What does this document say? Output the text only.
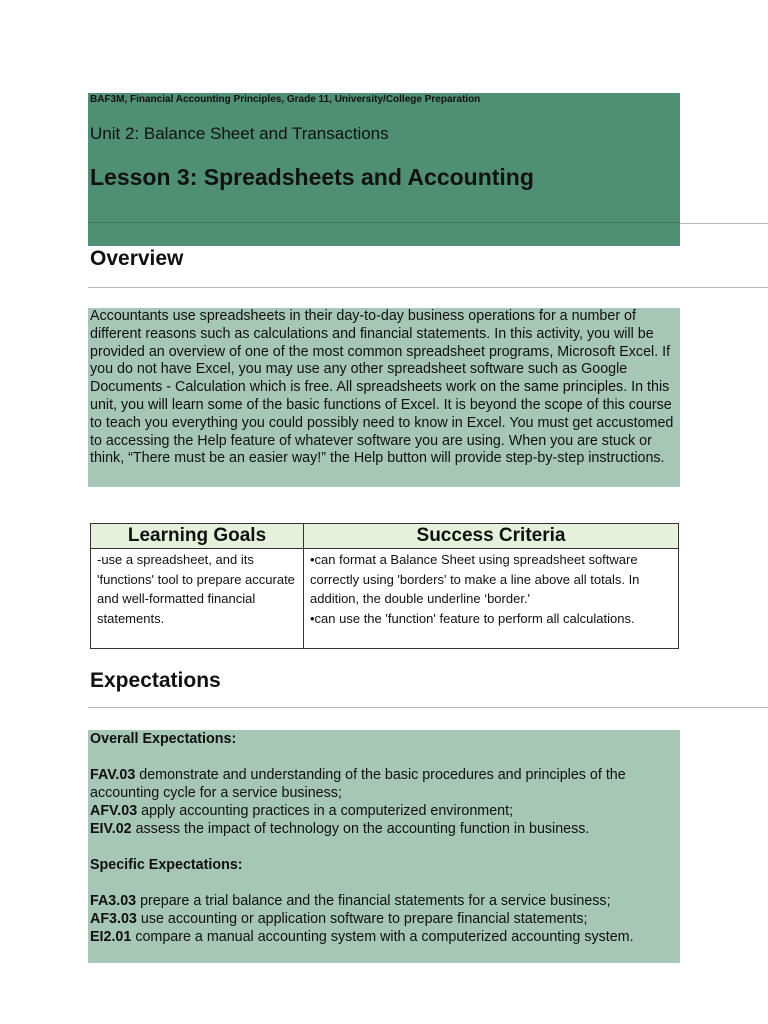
BAF3M, Financial Accounting Principles, Grade 11, University/College Preparation
Unit 2: Balance Sheet and Transactions
Lesson 3: Spreadsheets and Accounting
Overview

Accountants use spreadsheets in their day-to-day business operations for a number of different reasons such as calculations and financial statements. In this activity, you will be provided an overview of one of the most common spreadsheet programs, Microsoft Excel. If you do not have Excel, you may use any other spreadsheet software such as Google Documents - Calculation which is free. All spreadsheets work on the same principles. In this unit, you will learn some of the basic functions of Excel. It is beyond the scope of this course to teach you everything you could possibly need to know in Excel. You must get accustomed to accessing the Help feature of whatever software you are using. When you are stuck or think, “There must be an easier way!” the Help button will provide step-by-step instructions.

Learning Goals	Success Criteria
-use a spreadsheet, and its 'functions' tool to prepare accurate and well-formatted financial statements.	•can format a Balance Sheet using spreadsheet software correctly using 'borders' to make a line above all totals. In addition, the double underline ‘border.'
•can use the 'function' feature to perform all calculations.
Expectations

Overall Expectations:

FAV.03 demonstrate and understanding of the basic procedures and principles of the accounting cycle for a service business;

AFV.03 apply accounting practices in a computerized environment;

EIV.02 assess the impact of technology on the accounting function in business.

Specific Expectations:

FA3.03 prepare a trial balance and the financial statements for a service business;

AF3.03 use accounting or application software to prepare financial statements;

EI2.01 compare a manual accounting system with a computerized accounting system.
